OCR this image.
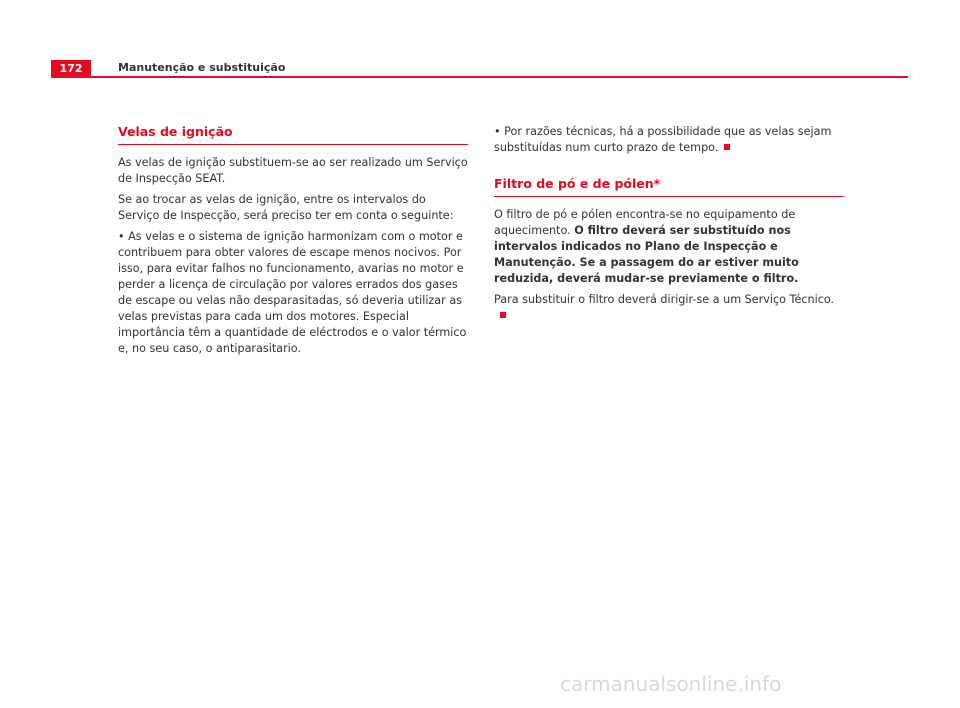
172	Manutenção e substituição
Velas de ignição

As velas de ignição substituem-se ao ser realizado um Serviço de Inspecção SEAT.

Se ao trocar as velas de ignição, entre os intervalos do Serviço de Inspecção, será preciso ter em conta o seguinte:

• As velas e o sistema de ignição harmonizam com o motor e contribuem para obter valores de escape menos nocivos. Por isso, para evitar falhos no funcionamento, avarias no motor e perder a licença de circulação por valores errados dos gases de escape ou velas não desparasitadas, só deveria utilizar as velas previstas para cada um dos motores. Especial importância têm a quantidade de eléctrodos e o valor térmico e, no seu caso, o antiparasitario.

• Por razões técnicas, há a possibilidade que as velas sejam substituídas num curto prazo de tempo.

Filtro de pó e de pólen*

O filtro de pó e pólen encontra-se no equipamento de aquecimento. O filtro deverá ser substituído nos intervalos indicados no Plano de Inspecção e Manutenção. Se a passagem do ar estiver muito reduzida, deverá mudar-se previamente o filtro.

Para substituir o filtro deverá dirigir-se a um Serviço Técnico.

carmanualsonline.info
